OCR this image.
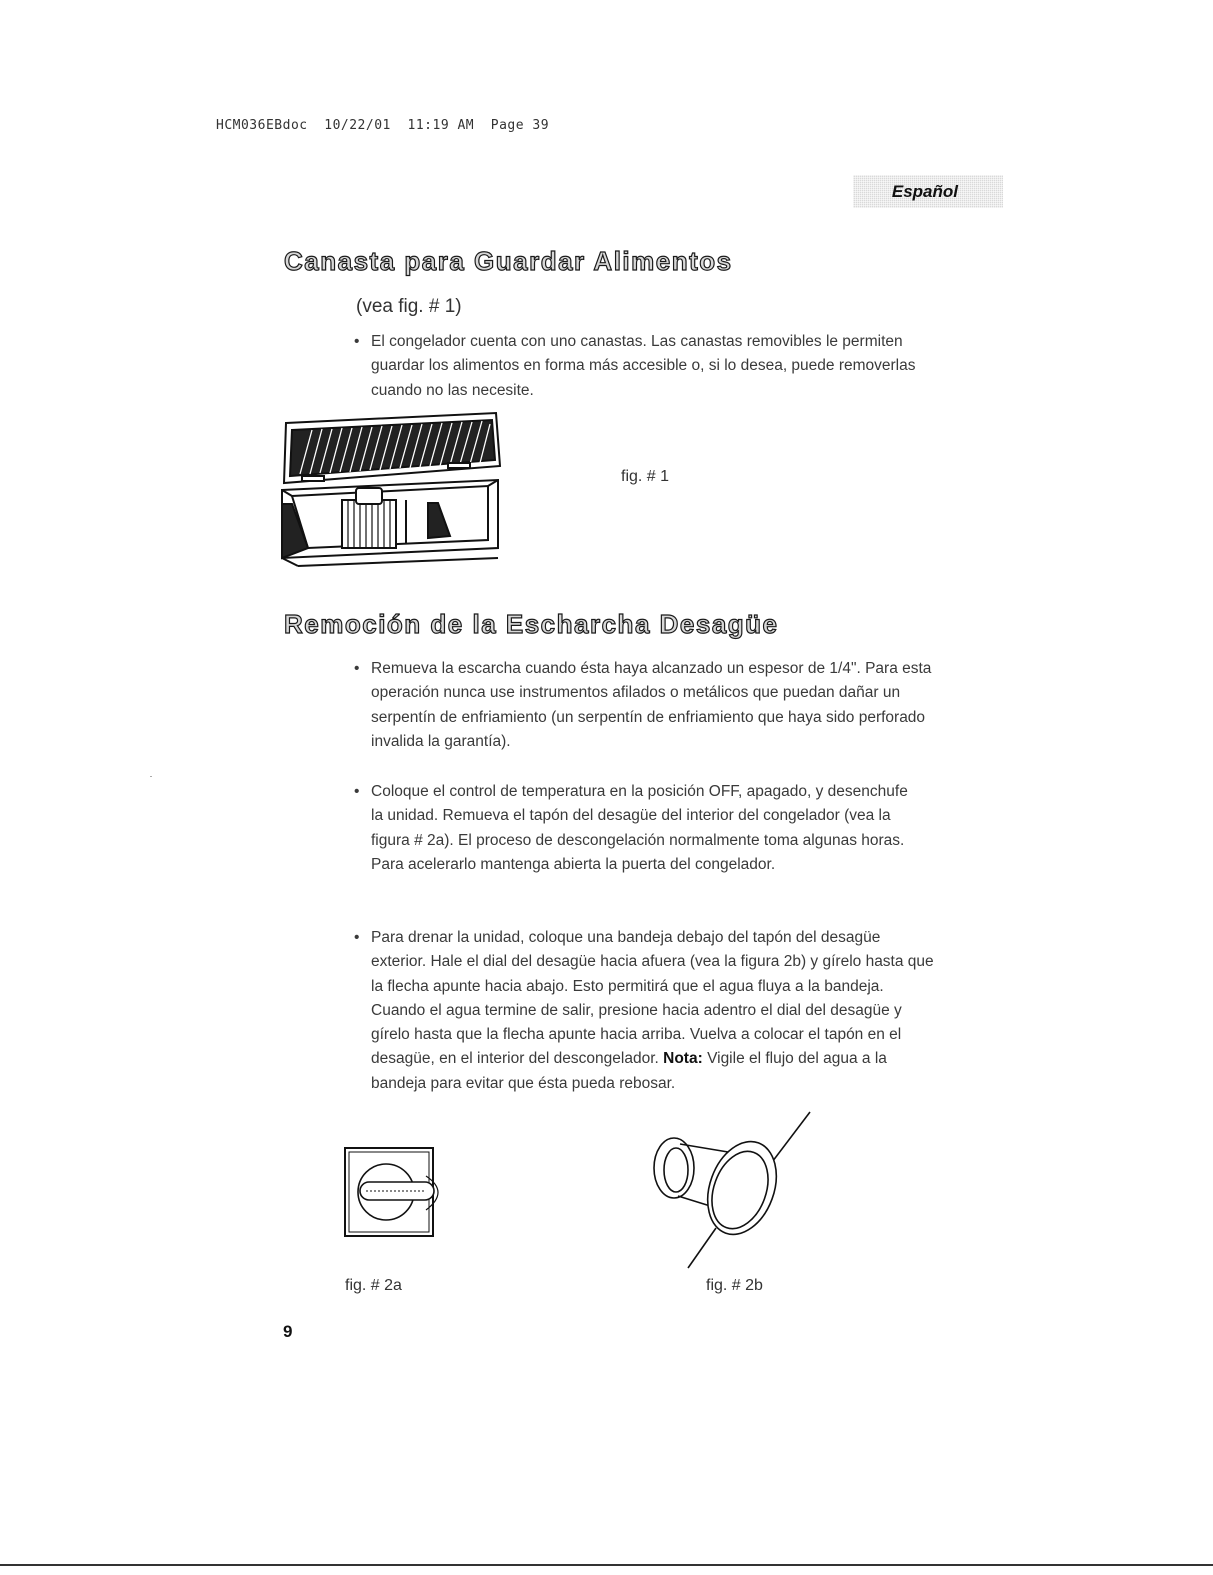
HCM036EBdoc  10/22/01  11:19 AM  Page 39
Español
Canasta para Guardar Alimentos
(vea fig. # 1)
• El congelador cuenta con uno canastas. Las canastas removibles le permiten guardar los alimentos en forma más accesible o, si lo desea, puede removerlas cuando no las necesite.
fig. # 1
Remoción de la Escharcha Desagüe
• Remueva la escarcha cuando ésta haya alcanzado un espesor de 1/4". Para esta operación nunca use instrumentos afilados o metálicos que puedan dañar un serpentín de enfriamiento (un serpentín de enfriamiento que haya sido perforado invalida la garantía).
• Coloque el control de temperatura en la posición OFF, apagado, y desenchufe la unidad. Remueva el tapón del desagüe del interior del congelador (vea la figura # 2a). El proceso de descongelación normalmente toma algunas horas. Para acelerarlo mantenga abierta la puerta del congelador.
• Para drenar la unidad, coloque una bandeja debajo del tapón del desagüe exterior. Hale el dial del desagüe hacia afuera (vea la figura 2b) y gírelo hasta que la flecha apunte hacia abajo. Esto permitirá que el agua fluya a la bandeja. Cuando el agua termine de salir, presione hacia adentro el dial del desagüe y gírelo hasta que la flecha apunte hacia arriba. Vuelva a colocar el tapón en el desagüe, en el interior del descongelador. Nota: Vigile el flujo del agua a la bandeja para evitar que ésta pueda rebosar.
fig. # 2a	fig. # 2b
9
